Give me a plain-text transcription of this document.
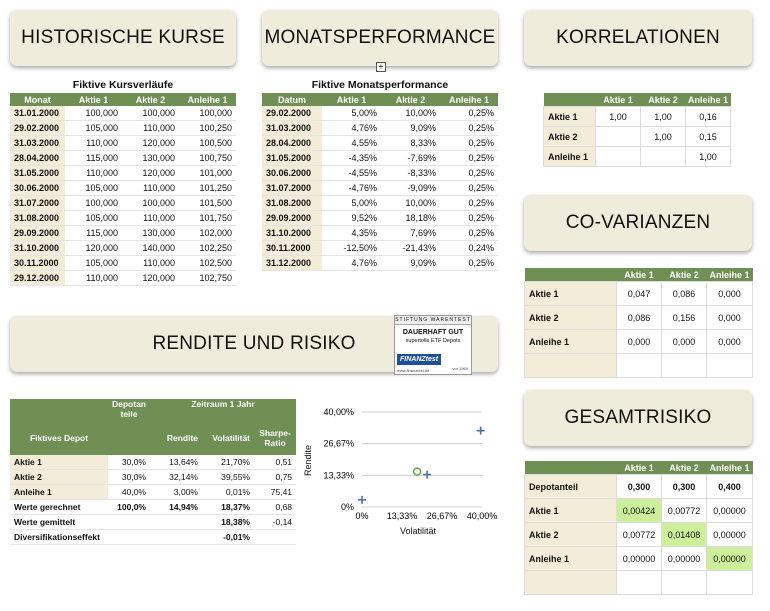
HISTORISCHE KURSE	MONATSPERFORMANCE	KORRELATIONEN
CO-VARIANZEN
RENDITE UND RISIKO
GESAMTRISIKO
+
Fiktive Kursverläufe
Monat	Aktie 1	Aktie 2	Anleihe 1
31.01.2000	100,000	100,000	100,000
29.02.2000	105,000	110,000	100,250
31.03.2000	110,000	120,000	100,500
28.04.2000	115,000	130,000	100,750
31.05.2000	110,000	120,000	101,000
30.06.2000	105,000	110,000	101,250
31.07.2000	100,000	100,000	101,500
31.08.2000	105,000	110,000	101,750
29.09.2000	115,000	130,000	102,000
31.10.2000	120,000	140,000	102,250
30.11.2000	105,000	110,000	102,500
29.12.2000	110,000	120,000	102,750
Fiktive Monatsperformance
Datum	Aktie 1	Aktie 2	Anleihe 1
29.02.2000	5,00%	10,00%	0,25%
31.03.2000	4,76%	9,09%	0,25%
28.04.2000	4,55%	8,33%	0,25%
31.05.2000	-4,35%	-7,69%	0,25%
30.06.2000	-4,55%	-8,33%	0,25%
31.07.2000	-4,76%	-9,09%	0,25%
31.08.2000	5,00%	10,00%	0,25%
29.09.2000	9,52%	18,18%	0,25%
31.10.2000	4,35%	7,69%	0,25%
30.11.2000	-12,50%	-21,43%	0,24%
31.12.2000	4,76%	9,09%	0,25%
	Aktie 1	Aktie 2	Anleihe 1
Aktie 1	1,00	1,00	0,16
Aktie 2		1,00	0,15
Anleihe 1			1,00
	Aktie 1	Aktie 2	Anleihe 1
Aktie 1	0,047	0,086	0,000
Aktie 2	0,086	0,156	0,000
Anleihe 1	0,000	0,000	0,000

	Aktie 1	Aktie 2	Anleihe 1
Depotanteil	0,300	0,300	0,400
Aktie 1	0,00424	0,00772	0,00000
Aktie 2	0,00772	0,01408	0,00000
Anleihe 1	0,00000	0,00000	0,00000

	Depotan teile	Zeitraum 1 Jahr		
Fiktives Depot		Rendite	Volatilität	Sharpe-Ratio
Aktie 1	30,0%	13,64%	21,70%	0,51
Aktie 2	30,0%	32,14%	39,55%	0,75
Anleihe 1	40,0%	3,00%	0,01%	75,41
Werte gerechnet	100,0%	14,94%	18,37%	0,68
Werte gemittelt			18,38%	-0,14
Diversifikationseffekt			-0,01%	
STIFTUNG WARENTEST
DAUERHAFT GUT
supertolle ETF Depots
FINANZtest
www.finanztest.de	vor 1969
0%
13,33%
26,67%
40,00%
0% 13,33% 26,67% 40,00%
Volatilität
Rendite
